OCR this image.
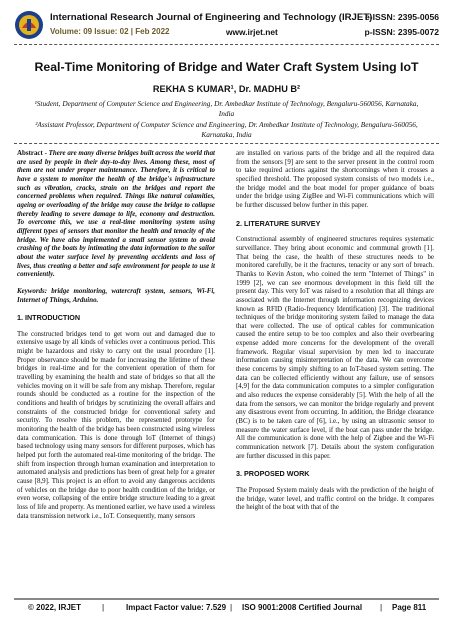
International Research Journal of Engineering and Technology (IRJET)
Volume: 09 Issue: 02 | Feb 2022	www.irjet.net
e-ISSN: 2395-0056
p-ISSN: 2395-0072
Real-Time Monitoring of Bridge and Water Craft System Using IoT
REKHA S KUMAR¹, Dr. MADHU B²
¹Student, Department of Computer Science and Engineering, Dr. Ambedkar Institute of Technology, Bengaluru-560056, Karnataka, India
²Assistant Professor, Department of Computer Science and Engineering, Dr. Ambedkar Institute of Technology, Bengaluru-560056, Karnataka, India

Abstract - There are many diverse bridges built across the world that are used by people in their day-to-day lives. Among these, most of them are not under proper maintenance. Therefore, it is critical to have a system to monitor the health of the bridge's infrastructure such as vibration, cracks, strain on the bridges and report the concerned problems when required. Things like natural calamities, ageing or overloading of the bridge may cause the bridge to collapse thereby leading to severe damage to life, economy and destruction. To overcome this, we use a real-time monitoring system using different types of sensors that monitor the health and tenacity of the bridge. We have also implemented a small sensor system to avoid crashing of the boats by intimating the data information to the sailor about the water surface level by preventing accidents and loss of lives, thus creating a better and safe environment for people to use it conveniently.

Keywords: bridge monitoring, watercraft system, sensors, Wi-Fi, Internet of Things, Arduino.

1. INTRODUCTION

The constructed bridges tend to get worn out and damaged due to extensive usage by all kinds of vehicles over a continuous period. This might be hazardous and risky to carry out the usual procedure [1]. Proper observance should be made for increasing the lifetime of these bridges in real-time and for the convenient operation of them for travelling by examining the health and state of bridges so that all the vehicles moving on it will be safe from any mishap. Therefore, regular rounds should be conducted as a routine for the inspection of the conditions and health of bridges by scrutinizing the overall affairs and constraints of the constructed bridge for conventional safety and security. To resolve this problem, the represented prototype for monitoring the health of the bridge has been constructed using wireless data communication. This is done through IoT (Internet of things) based technology using many sensors for different purposes, which has helped put forth the automated real-time monitoring of the bridge. The shift from inspection through human examination and interpretation to automated analysis and predictions has been of great help for a greater cause [8,9]. This project is an effort to avoid any dangerous accidents of vehicles on the bridge due to poor health condition of the bridge, or even worse, collapsing of the entire bridge structure leading to a great loss of life and property. As mentioned earlier, we have used a wireless data transmission network i.e., IoT. Consequently, many sensors

are installed on various parts of the bridge and all the required data from the sensors [9] are sent to the server present in the control room to take required actions against the shortcomings when it crosses a specified threshold. The proposed system consists of two models i.e., the bridge model and the boat model for proper guidance of boats under the bridge using ZigBee and Wi-Fi communications which will be further discussed below further in this paper.

2. LITERATURE SURVEY

Constructional assembly of engineered structures requires systematic surveillance. They bring about economic and communal growth [1]. That being the case, the health of these structures needs to be monitored carefully, be it the fractures, tenacity or any sort of breach. Thanks to Kevin Aston, who coined the term "Internet of Things" in 1999 [2], we can see enormous development in this field till the present day. This very IoT was raised to a resolution that all things are associated with the Internet through information recognizing devices known as RFID (Radio-frequency Identification) [3]. The traditional techniques of the bridge monitoring system failed to manage the data that were collected. The use of optical cables for communication caused the entire setup to be too complex and also their overbearing expense added more concerns for the development of the overall framework. Regular visual supervision by men led to inaccurate information causing misinterpretation of the data. We can overcome these concerns by simply shifting to an IoT-based system setting. The data can be collected efficiently without any failure, use of sensors [4,9] for the data communication computes to a simpler configuration and also reduces the expense considerably [5]. With the help of all the data from the sensors, we can monitor the bridge regularly and prevent any disastrous event from occurring. In addition, the Bridge clearance (BC) is to be taken care of [6], i.e., by using an ultrasonic sensor to measure the water surface level, if the boat can pass under the bridge. All the communication is done with the help of Zigbee and the Wi-Fi communication network [7]. Details about the system configuration are further discussed in this paper.

3. PROPOSED WORK

The Proposed System mainly deals with the prediction of the height of the bridge, water level, and traffic control on the bridge. It compares the height of the boat with that of the

© 2022, IRJET	|	Impact Factor value: 7.529 | ISO 9001:2008 Certified Journal | Page 811
